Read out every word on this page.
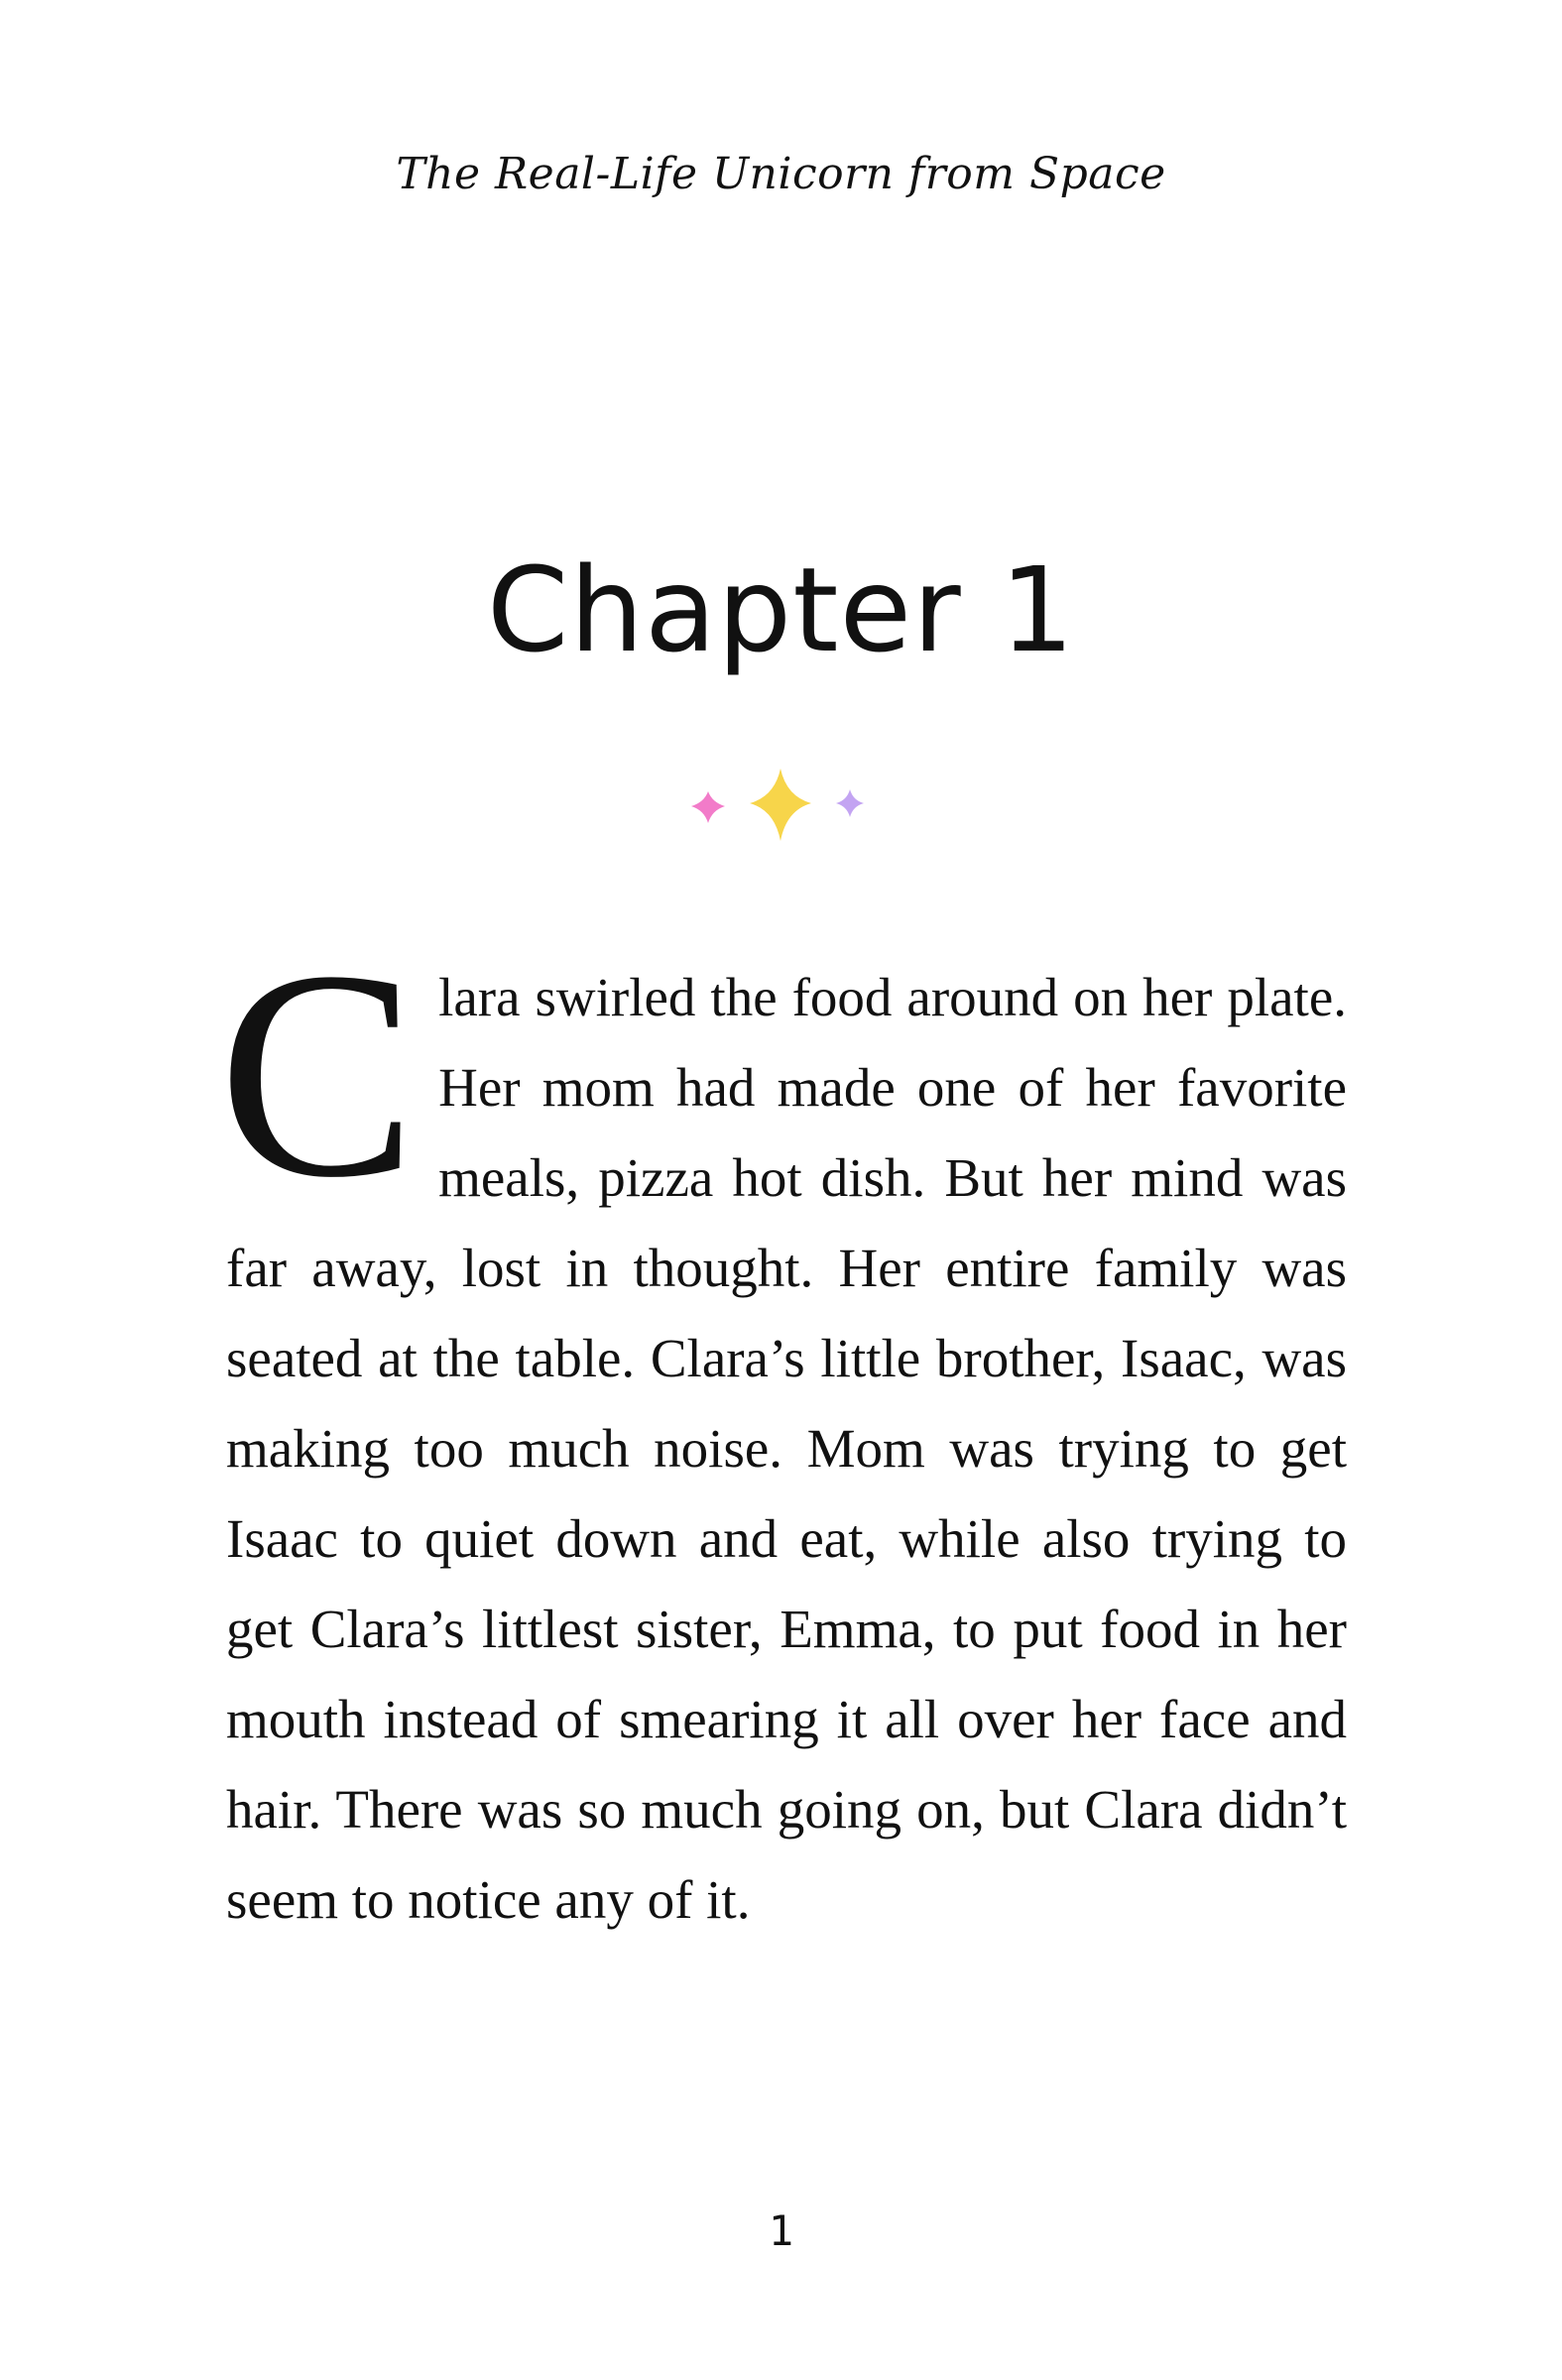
The Real-Life Unicorn from Space
Chapter 1

Clara swirled the food around on her plate. Her mom had made one of her favorite meals, pizza hot dish. But her mind was far away, lost in thought. Her entire family was seated at the table. Clara’s little brother, Isaac, was making too much noise. Mom was trying to get Isaac to quiet down and eat, while also trying to get Clara’s littlest sister, Emma, to put food in her mouth instead of smearing it all over her face and hair. There was so much going on, but Clara didn’t seem to notice any of it.

1
